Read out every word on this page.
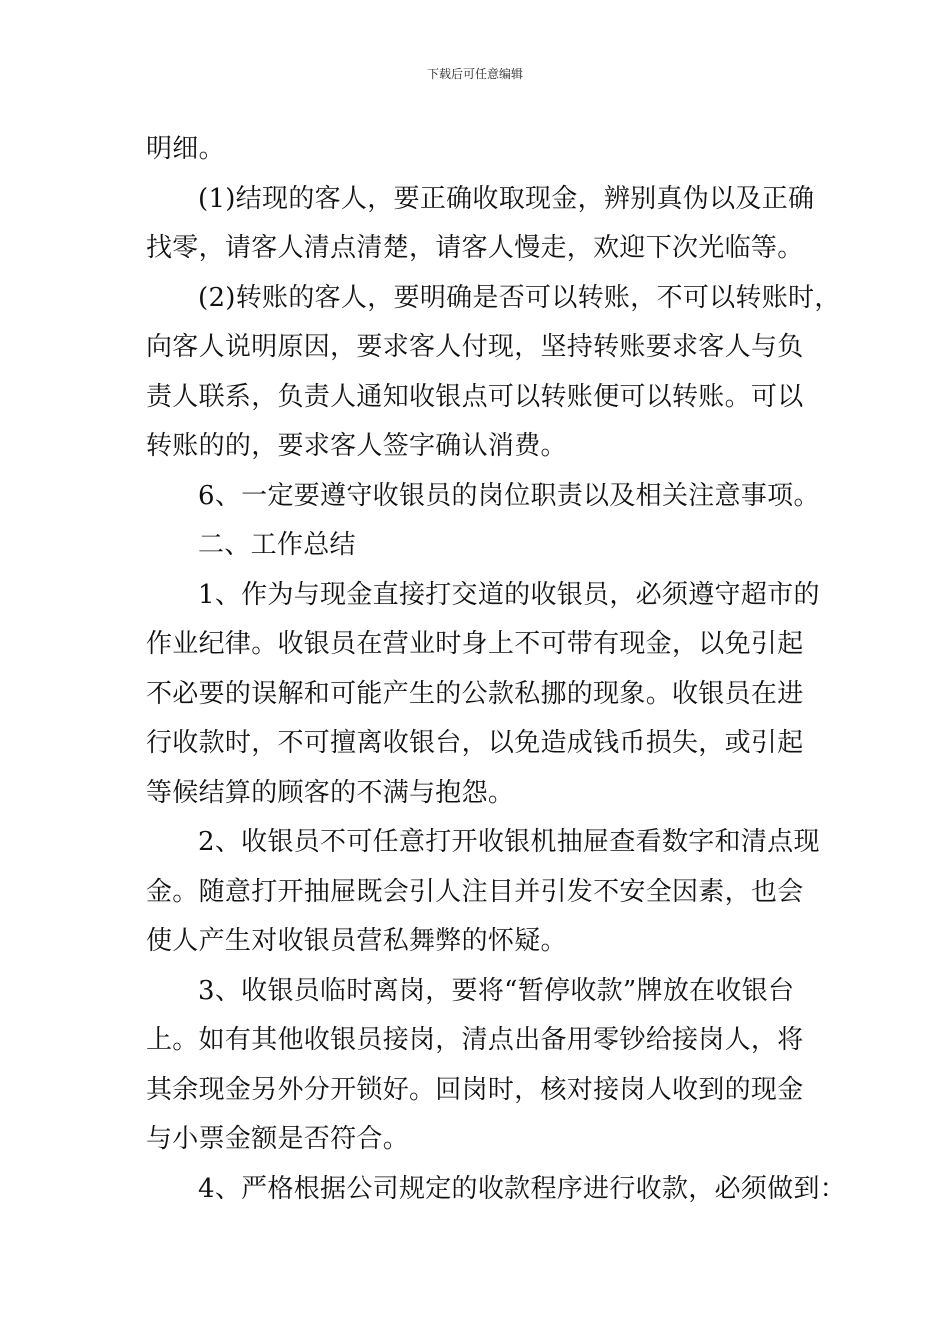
下载后可任意编辑
明细。
(1)结现的客人，要正确收取现金，辨别真伪以及正确
找零，请客人清点清楚，请客人慢走，欢迎下次光临等。
(2)转账的客人，要明确是否可以转账，不可以转账时，
向客人说明原因，要求客人付现，坚持转账要求客人与负
责人联系，负责人通知收银点可以转账便可以转账。可以
转账的的，要求客人签字确认消费。
6、一定要遵守收银员的岗位职责以及相关注意事项。
二、工作总结
1、作为与现金直接打交道的收银员，必须遵守超市的
作业纪律。收银员在营业时身上不可带有现金，以免引起
不必要的误解和可能产生的公款私挪的现象。收银员在进
行收款时，不可擅离收银台，以免造成钱币损失，或引起
等候结算的顾客的不满与抱怨。
2、收银员不可任意打开收银机抽屉查看数字和清点现
金。随意打开抽屉既会引人注目并引发不安全因素，也会
使人产生对收银员营私舞弊的怀疑。
3、收银员临时离岗，要将“暂停收款”牌放在收银台
上。如有其他收银员接岗，清点出备用零钞给接岗人，将
其余现金另外分开锁好。回岗时，核对接岗人收到的现金
与小票金额是否符合。
4、严格根据公司规定的收款程序进行收款，必须做到：
